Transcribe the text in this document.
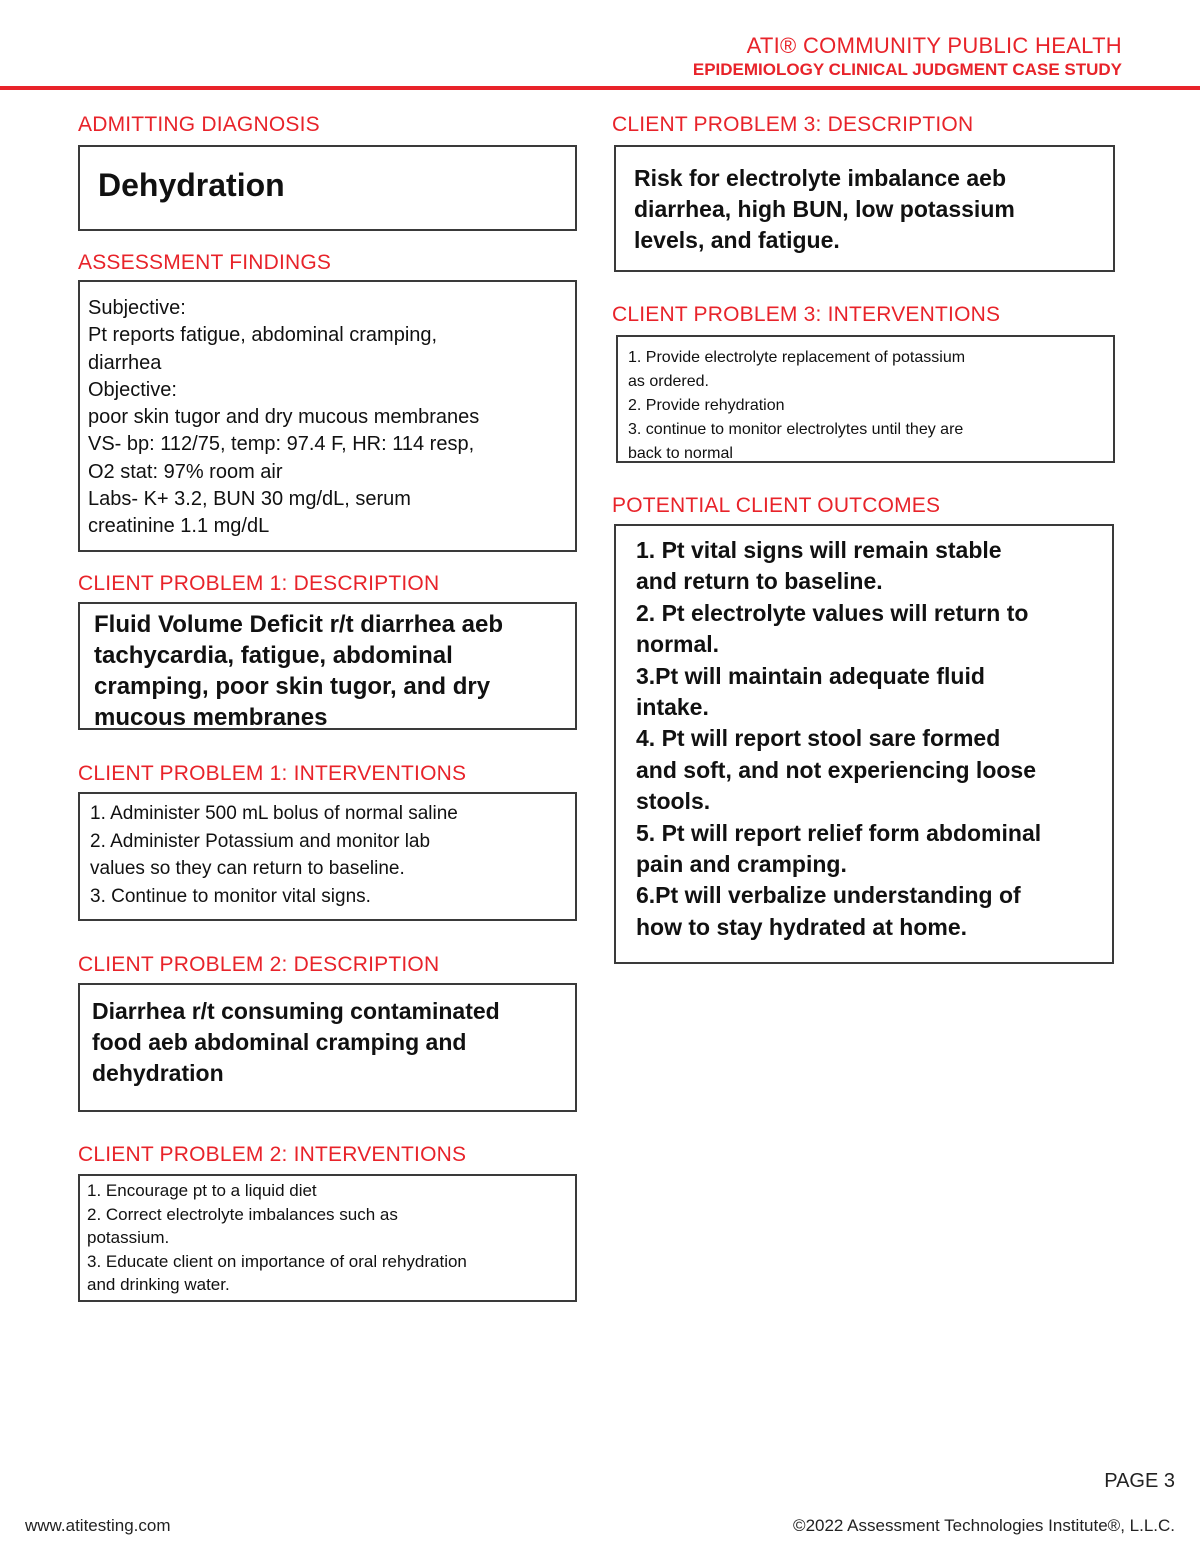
ATI® COMMUNITY PUBLIC HEALTH
EPIDEMIOLOGY CLINICAL JUDGMENT CASE STUDY
ADMITTING DIAGNOSIS
Dehydration
ASSESSMENT FINDINGS
Subjective:
Pt reports fatigue, abdominal cramping,
diarrhea
Objective:
poor skin tugor and dry mucous membranes
VS- bp: 112/75, temp: 97.4 F, HR: 114 resp,
O2 stat: 97% room air
Labs- K+ 3.2, BUN 30 mg/dL, serum
creatinine 1.1 mg/dL
CLIENT PROBLEM 1: DESCRIPTION
Fluid Volume Deficit r/t diarrhea aeb
tachycardia, fatigue, abdominal
cramping, poor skin tugor, and dry
mucous membranes
CLIENT PROBLEM 1: INTERVENTIONS
1. Administer 500 mL bolus of normal saline
2. Administer Potassium and monitor lab
values so they can return to baseline.
3. Continue to monitor vital signs.
CLIENT PROBLEM 2: DESCRIPTION
Diarrhea r/t consuming contaminated
food aeb abdominal cramping and
dehydration
CLIENT PROBLEM 2: INTERVENTIONS
1. Encourage pt to a liquid diet
2. Correct electrolyte imbalances such as
potassium.
3. Educate client on importance of oral rehydration
and drinking water.
CLIENT PROBLEM 3: DESCRIPTION
Risk for electrolyte imbalance aeb
diarrhea, high BUN, low potassium
levels, and fatigue.
CLIENT PROBLEM 3: INTERVENTIONS
1. Provide electrolyte replacement of potassium
as ordered.
2. Provide rehydration
3. continue to monitor electrolytes until they are
back to normal
POTENTIAL CLIENT OUTCOMES
1. Pt vital signs will remain stable
and return to baseline.
2. Pt electrolyte values will return to
normal.
3.Pt will maintain adequate fluid
intake.
4. Pt will report stool sare formed
and soft, and not experiencing loose
stools.
5. Pt will report relief form abdominal
pain and cramping.
6.Pt will verbalize understanding of
how to stay hydrated at home.
PAGE 3
www.atitesting.com	©2022 Assessment Technologies Institute®, L.L.C.
